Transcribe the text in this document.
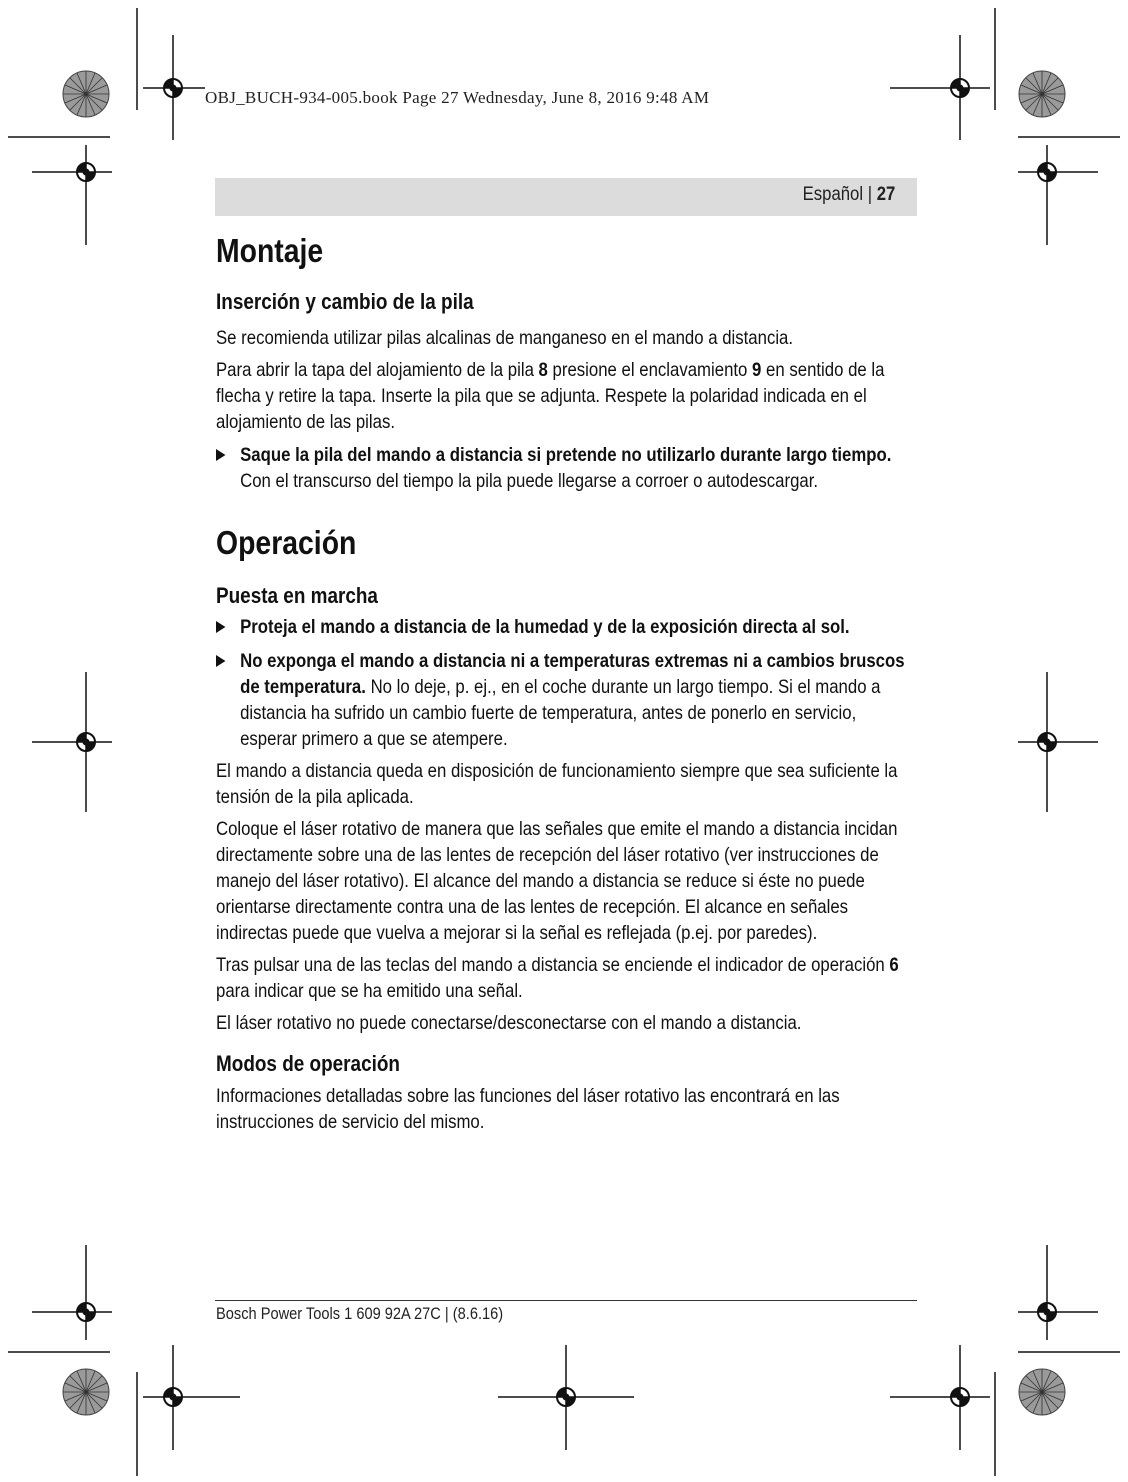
OBJ_BUCH-934-005.book Page 27 Wednesday, June 8, 2016 9:48 AM
Español | 27
Montaje
Inserción y cambio de la pila

Se recomienda utilizar pilas alcalinas de manganeso en el mando a distancia.

Para abrir la tapa del alojamiento de la pila 8 presione el enclavamiento 9 en sentido de la flecha y retire la tapa. Inserte la pila que se adjunta. Respete la polaridad indicada en el alojamiento de las pilas.

Saque la pila del mando a distancia si pretende no utilizarlo durante largo tiempo. Con el transcurso del tiempo la pila puede llegarse a corroer o autodescargar.
Operación
Puesta en marcha
Proteja el mando a distancia de la humedad y de la exposición directa al sol.
No exponga el mando a distancia ni a temperaturas extremas ni a cambios bruscos de temperatura. No lo deje, p. ej., en el coche durante un largo tiempo. Si el mando a distancia ha sufrido un cambio fuerte de temperatura, antes de ponerlo en servicio, esperar primero a que se atempere.

El mando a distancia queda en disposición de funcionamiento siempre que sea suficiente la tensión de la pila aplicada.

Coloque el láser rotativo de manera que las señales que emite el mando a distancia incidan directamente sobre una de las lentes de recepción del láser rotativo (ver instrucciones de manejo del láser rotativo). El alcance del mando a distancia se reduce si éste no puede orientarse directamente contra una de las lentes de recepción. El alcance en señales indirectas puede que vuelva a mejorar si la señal es reflejada (p.ej. por paredes).

Tras pulsar una de las teclas del mando a distancia se enciende el indicador de operación 6 para indicar que se ha emitido una señal.

El láser rotativo no puede conectarse/desconectarse con el mando a distancia.

Modos de operación

Informaciones detalladas sobre las funciones del láser rotativo las encontrará en las instrucciones de servicio del mismo.

Bosch Power Tools 1 609 92A 27C | (8.6.16)
